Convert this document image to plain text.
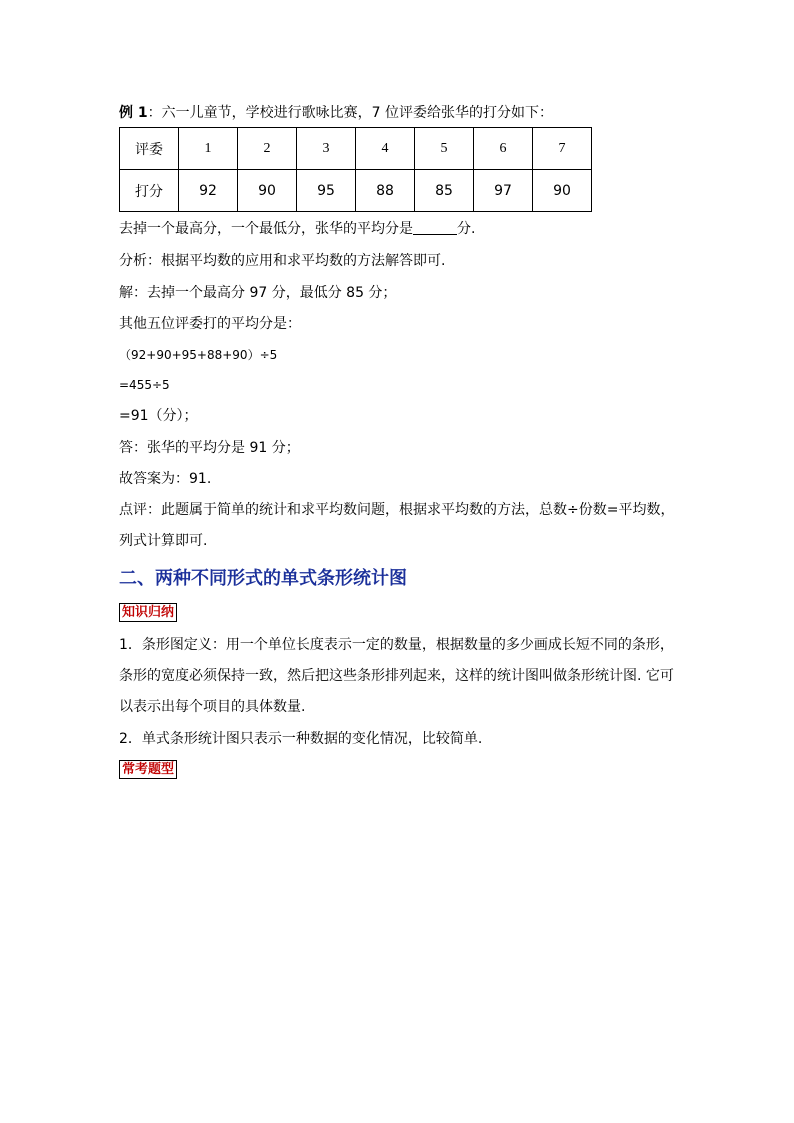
例 1：六一儿童节，学校进行歌咏比赛，7 位评委给张华的打分如下：
评委	1	2	3	4	5	6	7
打分	92	90	95	88	85	97	90
去掉一个最高分，一个最低分，张华的平均分是	分.
分析：根据平均数的应用和求平均数的方法解答即可.
解：去掉一个最高分 97 分，最低分 85 分；
其他五位评委打的平均分是：
（92+90+95+88+90）÷5
=455÷5
=91（分）；
答：张华的平均分是 91 分；
故答案为：91.
点评：此题属于简单的统计和求平均数问题，根据求平均数的方法，总数÷份数=平均数，
列式计算即可.
二、两种不同形式的单式条形统计图
知识归纳
1．条形图定义：用一个单位长度表示一定的数量，根据数量的多少画成长短不同的条形，
条形的宽度必须保持一致，然后把这些条形排列起来，这样的统计图叫做条形统计图. 它可
以表示出每个项目的具体数量.
2．单式条形统计图只表示一种数据的变化情况，比较简单.
常考题型
